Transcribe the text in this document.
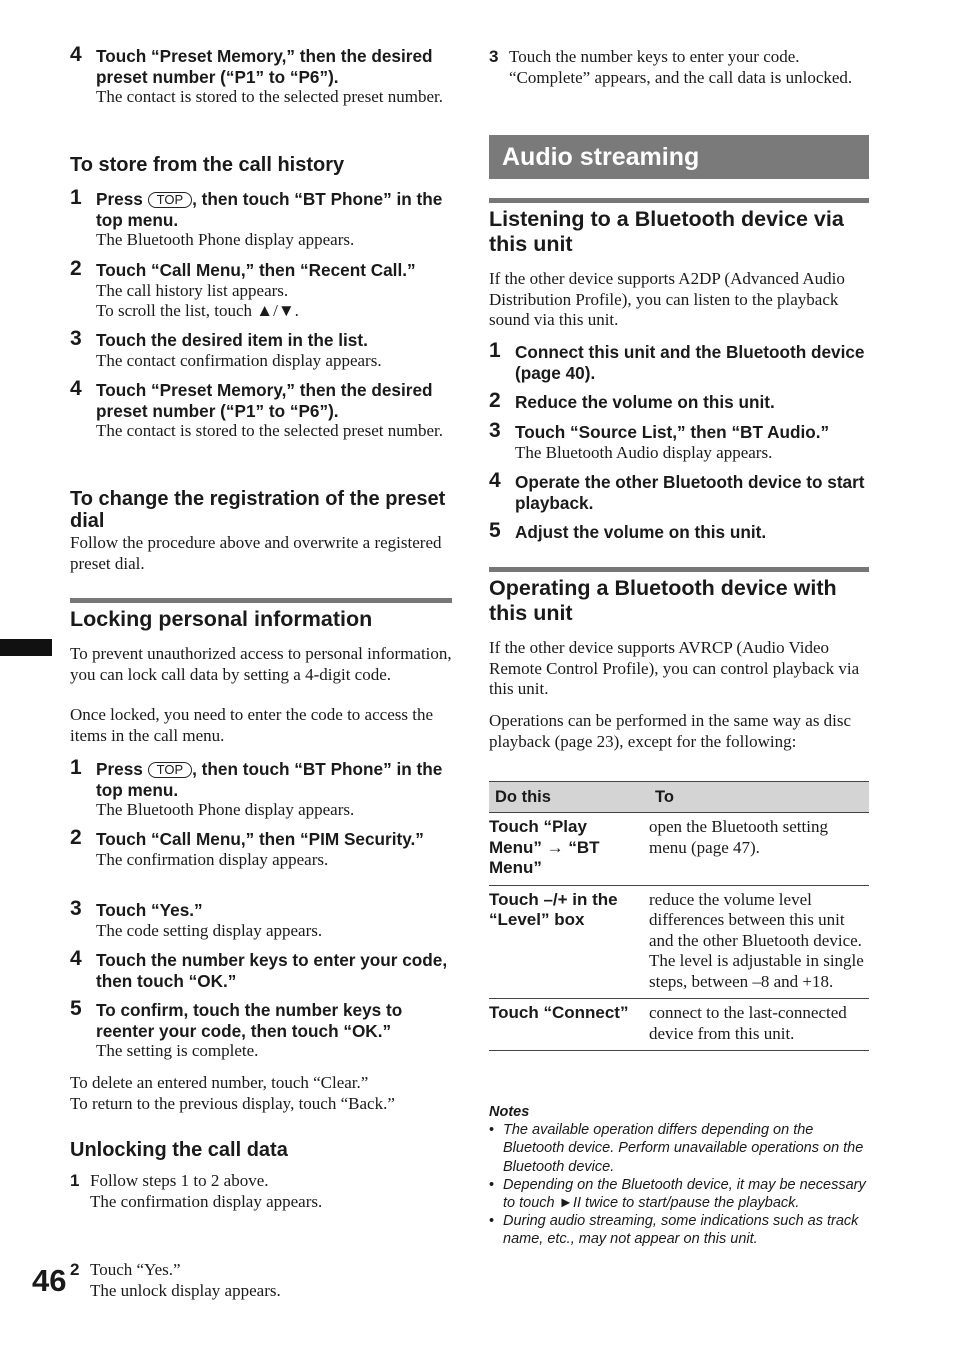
46
4 Touch “Preset Memory,” then the desired preset number (“P1” to “P6”).
The contact is stored to the selected preset number.
To store from the call history
1 Press TOP , then touch “BT Phone” in the top menu.
The Bluetooth Phone display appears.
2 Touch “Call Menu,” then “Recent Call.”
The call history list appears.
To scroll the list, touch ▲/▼.
3 Touch the desired item in the list.
The contact confirmation display appears.
4 Touch “Preset Memory,” then the desired preset number (“P1” to “P6”).
The contact is stored to the selected preset number.
To change the registration of the preset dial
Follow the procedure above and overwrite a registered preset dial.
Locking personal information
To prevent unauthorized access to personal information, you can lock call data by setting a 4-digit code.
Once locked, you need to enter the code to access the items in the call menu.
1 Press TOP , then touch “BT Phone” in the top menu.
The Bluetooth Phone display appears.
2 Touch “Call Menu,” then “PIM Security.”
The confirmation display appears.
3 Touch “Yes.”
The code setting display appears.
4 Touch the number keys to enter your code, then touch “OK.”
5 To confirm, touch the number keys to reenter your code, then touch “OK.”
The setting is complete.
To delete an entered number, touch “Clear.”
To return to the previous display, touch “Back.”
Unlocking the call data
1 Follow steps 1 to 2 above.
The confirmation display appears.
2 Touch “Yes.”
The unlock display appears.
3 Touch the number keys to enter your code. “Complete” appears, and the call data is unlocked.
Audio streaming
Listening to a Bluetooth device via this unit
If the other device supports A2DP (Advanced Audio Distribution Profile), you can listen to the playback sound via this unit.
1 Connect this unit and the Bluetooth device (page 40).
2 Reduce the volume on this unit.
3 Touch “Source List,” then “BT Audio.”
The Bluetooth Audio display appears.
4 Operate the other Bluetooth device to start playback.
5 Adjust the volume on this unit.
Operating a Bluetooth device with this unit
If the other device supports AVRCP (Audio Video Remote Control Profile), you can control playback via this unit.
Operations can be performed in the same way as disc playback (page 23), except for the following:
Do this	To
Touch “Play Menu” → “BT Menu”	open the Bluetooth setting menu (page 47).
Touch –/+ in the “Level” box	reduce the volume level differences between this unit and the other Bluetooth device. The level is adjustable in single steps, between –8 and +18.
Touch “Connect”	connect to the last-connected device from this unit.
Notes
• The available operation differs depending on the Bluetooth device. Perform unavailable operations on the Bluetooth device.
• Depending on the Bluetooth device, it may be necessary to touch ►II twice to start/pause the playback.
• During audio streaming, some indications such as track name, etc., may not appear on this unit.
